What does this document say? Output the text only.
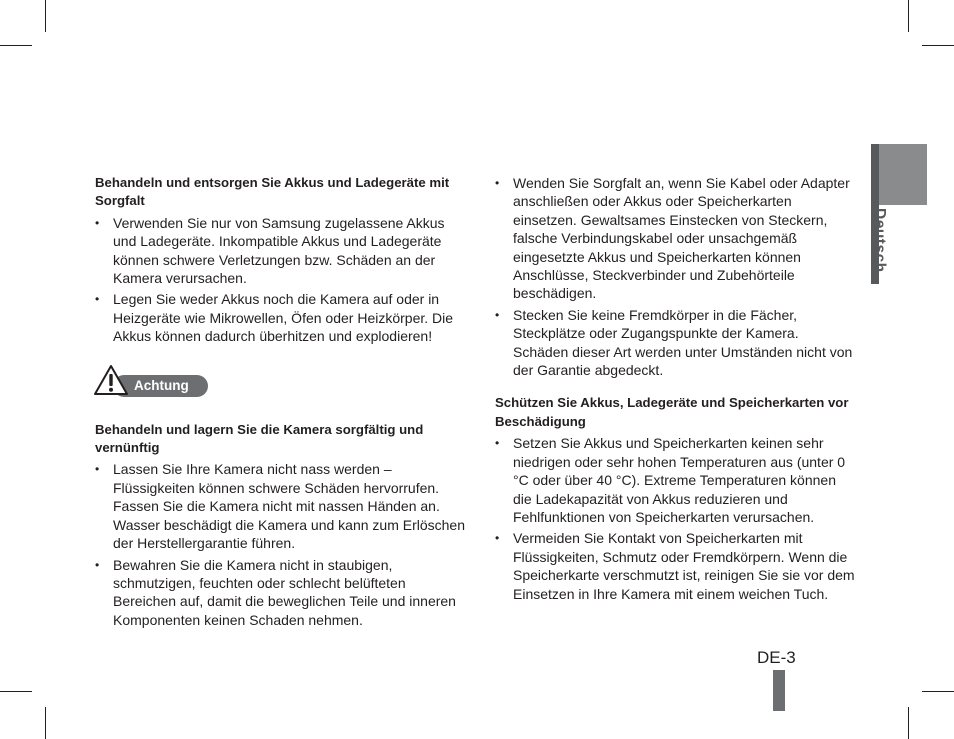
Deutsch

Behandeln und entsorgen Sie Akkus und Ladegeräte mit Sorgfalt

• Verwenden Sie nur von Samsung zugelassene Akkus und Ladegeräte. Inkompatible Akkus und Ladegeräte können schwere Verletzungen bzw. Schäden an der Kamera verursachen.
• Legen Sie weder Akkus noch die Kamera auf oder in Heizgeräte wie Mikrowellen, Öfen oder Heizkörper. Die Akkus können dadurch überhitzen und explodieren!
Achtung

Behandeln und lagern Sie die Kamera sorgfältig und vernünftig

• Lassen Sie Ihre Kamera nicht nass werden – Flüssigkeiten können schwere Schäden hervorrufen. Fassen Sie die Kamera nicht mit nassen Händen an. Wasser beschädigt die Kamera und kann zum Erlöschen der Herstellergarantie führen.
• Bewahren Sie die Kamera nicht in staubigen, schmutzigen, feuchten oder schlecht belüfteten Bereichen auf, damit die beweglichen Teile und inneren Komponenten keinen Schaden nehmen.
• Wenden Sie Sorgfalt an, wenn Sie Kabel oder Adapter anschließen oder Akkus oder Speicherkarten einsetzen. Gewaltsames Einstecken von Steckern, falsche Verbindungskabel oder unsachgemäß eingesetzte Akkus und Speicherkarten können Anschlüsse, Steckverbinder und Zubehörteile beschädigen.
• Stecken Sie keine Fremdkörper in die Fächer, Steckplätze oder Zugangspunkte der Kamera. Schäden dieser Art werden unter Umständen nicht von der Garantie abgedeckt.

Schützen Sie Akkus, Ladegeräte und Speicherkarten vor Beschädigung

• Setzen Sie Akkus und Speicherkarten keinen sehr niedrigen oder sehr hohen Temperaturen aus (unter 0 °C oder über 40 °C). Extreme Temperaturen können die Ladekapazität von Akkus reduzieren und Fehlfunktionen von Speicherkarten verursachen.
• Vermeiden Sie Kontakt von Speicherkarten mit Flüssigkeiten, Schmutz oder Fremdkörpern. Wenn die Speicherkarte verschmutzt ist, reinigen Sie sie vor dem Einsetzen in Ihre Kamera mit einem weichen Tuch.
DE-3
